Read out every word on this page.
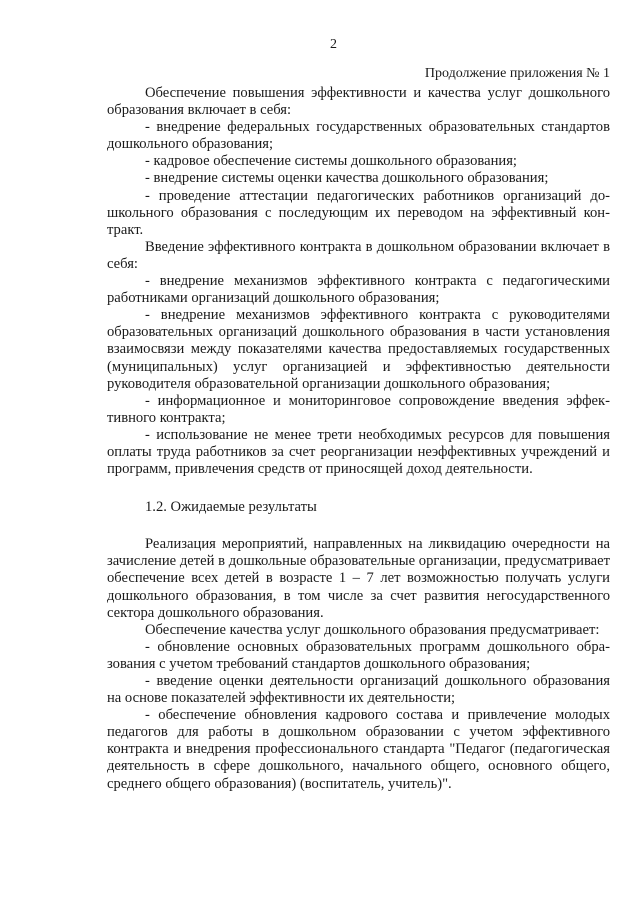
2
Продолжение приложения № 1

Обеспечение повышения эффективности и качества услуг дошкольного образования включает в себя:

- внедрение федеральных государственных образовательных стандартов дошкольного образования;

- кадровое обеспечение системы дошкольного образования;

- внедрение системы оценки качества дошкольного образования;

- проведение аттестации педагогических работников организаций дошкольного образования с последующим их переводом на эффективный контракт.

Введение эффективного контракта в дошкольном образовании включает в себя:

- внедрение механизмов эффективного контракта с педагогическими работниками организаций дошкольного образования;

- внедрение механизмов эффективного контракта с руководителями образовательных организаций дошкольного образования в части установления взаимосвязи между показателями качества предоставляемых государственных (муниципальных) услуг организацией и эффективностью деятельности руководителя образовательной организации дошкольного образования;

- информационное и мониторинговое сопровождение введения эффективного контракта;

- использование не менее трети необходимых ресурсов для повышения оплаты труда работников за счет реорганизации неэффективных учреждений и программ, привлечения средств от приносящей доход деятельности.

1.2. Ожидаемые результаты

Реализация мероприятий, направленных на ликвидацию очередности на зачисление детей в дошкольные образовательные организации, предусматривает обеспечение всех детей в возрасте 1 – 7 лет возможностью получать услуги дошкольного образования, в том числе за счет развития негосударственного сектора дошкольного образования.

Обеспечение качества услуг дошкольного образования предусматривает:

- обновление основных образовательных программ дошкольного образования с учетом требований стандартов дошкольного образования;

- введение оценки деятельности организаций дошкольного образования на основе показателей эффективности их деятельности;

- обеспечение обновления кадрового состава и привлечение молодых педагогов для работы в дошкольном образовании с учетом эффективного контракта и внедрения профессионального стандарта "Педагог (педагогическая деятельность в сфере дошкольного, начального общего, основного общего, среднего общего образования) (воспитатель, учитель)".
